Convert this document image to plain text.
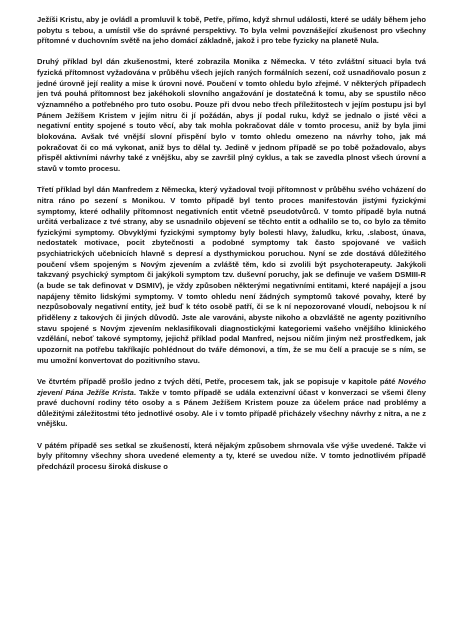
Ježíši Kristu, aby je ovládl a promluvil k tobě, Petře, přímo, když shrnul události, které se udály během jeho pobytu s tebou, a umístil vše do správné perspektivy. To byla velmi povznášející zkušenost pro všechny přítomné v duchovním světě na jeho domácí základně, jakož i pro tebe fyzicky na planetě Nula.

Druhý příklad byl dán zkušenostmi, které zobrazila Monika z Německa. V této zvláštní situaci byla tvá fyzická přítomnost vyžadována v průběhu všech jejích raných formálních sezení, což usnadňovalo posun z jedné úrovně její reality a mise k úrovni nové. Poučení v tomto ohledu bylo zřejmé. V některých případech jen tvá pouhá přítomnost bez jakéhokoli slovního angažování je dostatečná k tomu, aby se spustilo něco významného a potřebného pro tuto osobu. Pouze při dvou nebo třech příležitostech v jejím postupu jsi byl Pánem Ježíšem Kristem v jejím nitru či jí požádán, abys jí podal ruku, když se jednalo o jisté věci a negativní entity spojené s touto věcí, aby tak mohla pokračovat dále v tomto procesu, aniž by byla jimi blokována. Avšak tvé vnější slovní přispění bylo v tomto ohledu omezeno na návrhy toho, jak má pokračovat či co má vykonat, aniž bys to dělal ty. Jedině v jednom případě se po tobě požadovalo, abys přispěl aktivními návrhy také z vnějšku, aby se završil plný cyklus, a tak se zavedla plnost všech úrovní a stavů v tomto procesu.

Třetí příklad byl dán Manfredem z Německa, který vyžadoval tvoji přítomnost v průběhu svého vcházení do nitra ráno po sezení s Monikou. V tomto případě byl tento proces manifestován jistými fyzickými symptomy, které odhalily přítomnost negativních entit včetně pseudotvůrců. V tomto případě byla nutná určitá verbalizace z tvé strany, aby se usnadnilo objevení se těchto entit a odhalilo se to, co bylo za těmito fyzickými symptomy. Obvyklými fyzickými symptomy byly bolesti hlavy, žaludku, krku, .slabost, únava, nedostatek motivace, pocit zbytečnosti a podobné symptomy tak často spojované ve vašich psychiatrických učebnicích hlavně s depresí a dysthymickou poruchou. Nyní se zde dostává důležitého poučení všem spojeným s Novým zjevením a zvláště těm, kdo si zvolili být psychoterapeuty. Jakýkoli takzvaný psychický symptom či jakýkoli symptom tzv. duševní poruchy, jak se definuje ve vašem DSMIII-R (a bude se tak definovat v DSMIV), je vždy způsoben některými negativními entitami, které napájejí a jsou napájeny těmito lidskými symptomy. V tomto ohledu není žádných symptomů takové povahy, které by nezpůsobovaly negativní entity, jež buď k této osobě patří, či se k ní nepozorované vloudí, nebojsou k ní přiděleny z takových či jiných důvodů. Jste ale varováni, abyste nikoho a obzvláště ne agenty pozitivního stavu spojené s Novým zjevením neklasifikovali diagnostickými kategoriemi vašeho vnějšího klinického vzdělání, neboť takové symptomy, jejichž příklad podal Manfred, nejsou ničím jiným než prostředkem, jak upozornit na potřebu takříkajíc pohlédnout do tváře démonovi, a tím, že se mu čelí a pracuje se s ním, se mu umožní konvertovat do pozitivního stavu.

Ve čtvrtém případě prošlo jedno z tvých dětí, Petře, procesem tak, jak se popisuje v kapitole páté Nového zjevení Pána Ježíše Krista. Takže v tomto případě se udála extenzivní účast v konverzaci se všemi členy pravé duchovní rodiny této osoby a s Pánem Ježíšem Kristem pouze za účelem práce nad problémy a důležitými záležitostmi této jednotlivé osoby. Ale i v tomto případě přicházely všechny návrhy z nitra, a ne z vnějšku.

V pátém případě ses setkal se zkušeností, která nějakým způsobem shrnovala vše výše uvedené. Takže vi byly přítomny všechny shora uvedené elementy a ty, které se uvedou níže. V tomto jednotlivém případě předcházíl procesu široká diskuse o
